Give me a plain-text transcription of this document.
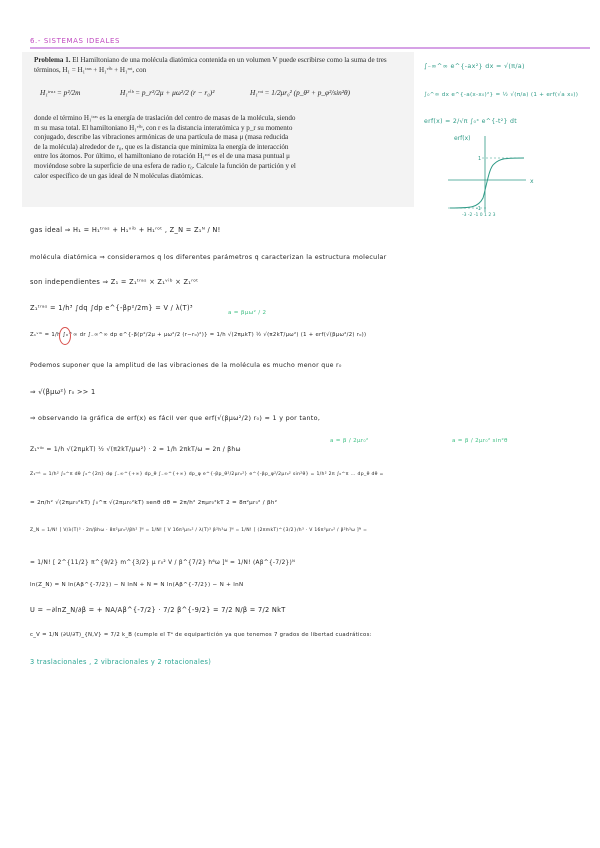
6.- SISTEMAS IDEALES
Problema 1. El Hamiltoniano de una molécula diatómica contenida en un volumen V puede escribirse como la suma de tres términos, H₁ = H₁ᵗʳᵃˢ + H₁ᵛⁱᵇ + H₁ʳᵒᵗ, con
H₁ᵗʳᵃˢ = p²/2m	H₁ᵛⁱᵇ = p_r²/2μ + μω²/2 (r − r₀)²	H₁ʳᵒᵗ = 1/2μr₀² (p_θ² + p_φ²/sin²θ)
donde el término H₁ᵗʳᵃˢ es la energía de traslación del centro de masas de la molécula, siendo
m su masa total. El hamiltoniano H₁ᵛⁱᵇ, con r es la distancia interatómica y p_r su momento
conjugado, describe las vibraciones armónicas de una partícula de masa μ (masa reducida
de la molécula) alrededor de r₀, que es la distancia que minimiza la energía de interacción
entre los átomos. Por último, el hamiltoniano de rotación H₁ʳᵒᵗ es el de una masa puntual μ
moviéndose sobre la superficie de una esfera de radio r₀. Calcule la función de partición y el
calor específico de un gas ideal de N moléculas diatómicas.
∫₋∞^∞ e^{-ax²} dx = √(π/a)
∫₀^∞ dx e^{-a(x-x₀)²} = ½ √(π/a) (1 + erf(√a x₀))
erf(x) = 2/√π ∫₀ˣ e^{-t²} dt
erf(x)
1
-1
x
-3 -2 -1 0 1 2 3
gas ideal ⇒ H₁ = H₁ᵗʳᵃˢ + H₁ᵛⁱᵇ + H₁ʳᵒᵗ , Z_N = Z₁ᴺ / N!
molécula diatómica ⇒ consideramos q los diferentes parámetros q caracterizan la estructura molecular
son independientes ⇒ Z₁ = Z₁ᵗʳᵃˢ × Z₁ᵛⁱᵇ × Z₁ʳᵒᵗ
Z₁ᵗʳᵃˢ = 1/h³ ∫dq ∫dp e^{-βp²/2m} = V / λ(T)³
a = βμω² / 2
Z₁ᵛⁱᵇ = 1/h ∫₀^∞ dr ∫₋∞^∞ dp e^{-β(p²/2μ + μω²/2 (r−r₀)²)} = 1/h √(2πμkT) ½ √(π2kT/μω²) (1 + erf(√(βμω²/2) r₀))
Podemos suponer que la amplitud de las vibraciones de la molécula es mucho menor que r₀
⇒ √(βμω²) r₀ >> 1
⇒ observando la gráfica de erf(x) es fácil ver que erf(√(βμω²/2) r₀) ≈ 1 y por tanto,
a = β / 2μr₀²	a = β / 2μr₀² sin²θ
Z₁ᵛⁱᵇ = 1/h √(2πμkT) ½ √(π2kT/μω²) · 2 = 1/h 2πkT/ω = 2π / βhω
Z₁ʳᵒᵗ = 1/h² ∫₀^π dθ ∫₀^{2π} dφ ∫₋∞^{+∞} dp_θ ∫₋∞^{+∞} dp_φ e^{-βp_θ²/2μr₀²} e^{-βp_φ²/2μr₀² sin²θ} = 1/h² 2π ∫₀^π ... dp_θ dθ =
= 2π/h² √(2πμr₀²kT) ∫₀^π √(2πμr₀²kT) senθ dθ = 2π/h² 2πμr₀²kT 2 = 8π²μr₀² / βh²
Z_N = 1/N! [ V/λ(T)³ · 2π/βhω · 8π²μr₀²/βh² ]ᴺ = 1/N! [ V 16π³μr₀² / λ(T)³ β²h³ω ]ᴺ = 1/N! [ (2πmkT)^{3/2}/h³ · V 16π³μr₀² / β²h³ω ]ᴺ =
= 1/N! [ 2^{11/2} π^{9/2} m^{3/2} μ r₀² V / β^{7/2} h⁶ω ]ᴺ = 1/N! (Aβ^{-7/2})ᴺ
ln(Z_N) = N ln(Aβ^{-7/2}) − N lnN + N = N ln(Aβ^{-7/2}) − N + lnN
U = −∂lnZ_N/∂β = + NA/Aβ^{-7/2} · 7/2 β^{-9/2} = 7/2 N/β = 7/2 NkT
c_V = 1/N (∂U/∂T)_{N,V} = 7/2 k_B (cumple el Tᵃ de equipartición ya que tenemos 7 grados de libertad cuadráticos:
3 traslacionales , 2 vibracionales y 2 rotacionales)
